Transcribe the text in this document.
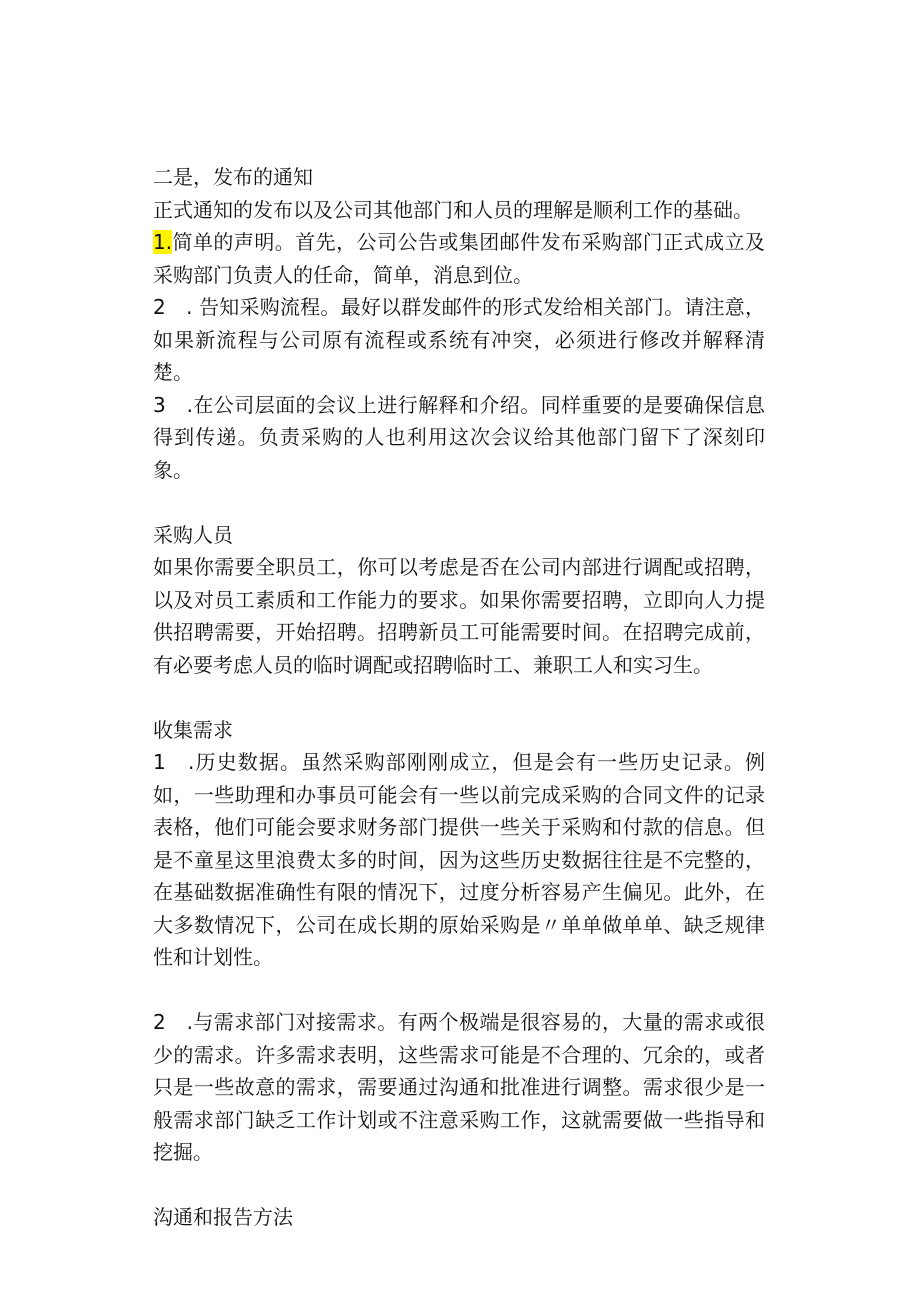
二是，发布的通知

正式通知的发布以及公司其他部门和人员的理解是顺利工作的基础。

1.简单的声明。首先，公司公告或集团邮件发布采购部门正式成立及采购部门负责人的任命，简单，消息到位。

2　. 告知采购流程。最好以群发邮件的形式发给相关部门。请注意，如果新流程与公司原有流程或系统有冲突，必须进行修改并解释清楚。

3　.在公司层面的会议上进行解释和介绍。同样重要的是要确保信息得到传递。负责采购的人也利用这次会议给其他部门留下了深刻印象。

采购人员

如果你需要全职员工，你可以考虑是否在公司内部进行调配或招聘，以及对员工素质和工作能力的要求。如果你需要招聘，立即向人力提供招聘需要，开始招聘。招聘新员工可能需要时间。在招聘完成前，有必要考虑人员的临时调配或招聘临时工、兼职工人和实习生。

收集需求

1　.历史数据。虽然采购部刚刚成立，但是会有一些历史记录。例如，一些助理和办事员可能会有一些以前完成采购的合同文件的记录表格，他们可能会要求财务部门提供一些关于采购和付款的信息。但是不童星这里浪费太多的时间，因为这些历史数据往往是不完整的，在基础数据准确性有限的情况下，过度分析容易产生偏见。此外，在大多数情况下，公司在成长期的原始采购是〃单单做单单、缺乏规律性和计划性。

2　.与需求部门对接需求。有两个极端是很容易的，大量的需求或很少的需求。许多需求表明，这些需求可能是不合理的、冗余的，或者只是一些故意的需求，需要通过沟通和批准进行调整。需求很少是一般需求部门缺乏工作计划或不注意采购工作，这就需要做一些指导和挖掘。

沟通和报告方法
